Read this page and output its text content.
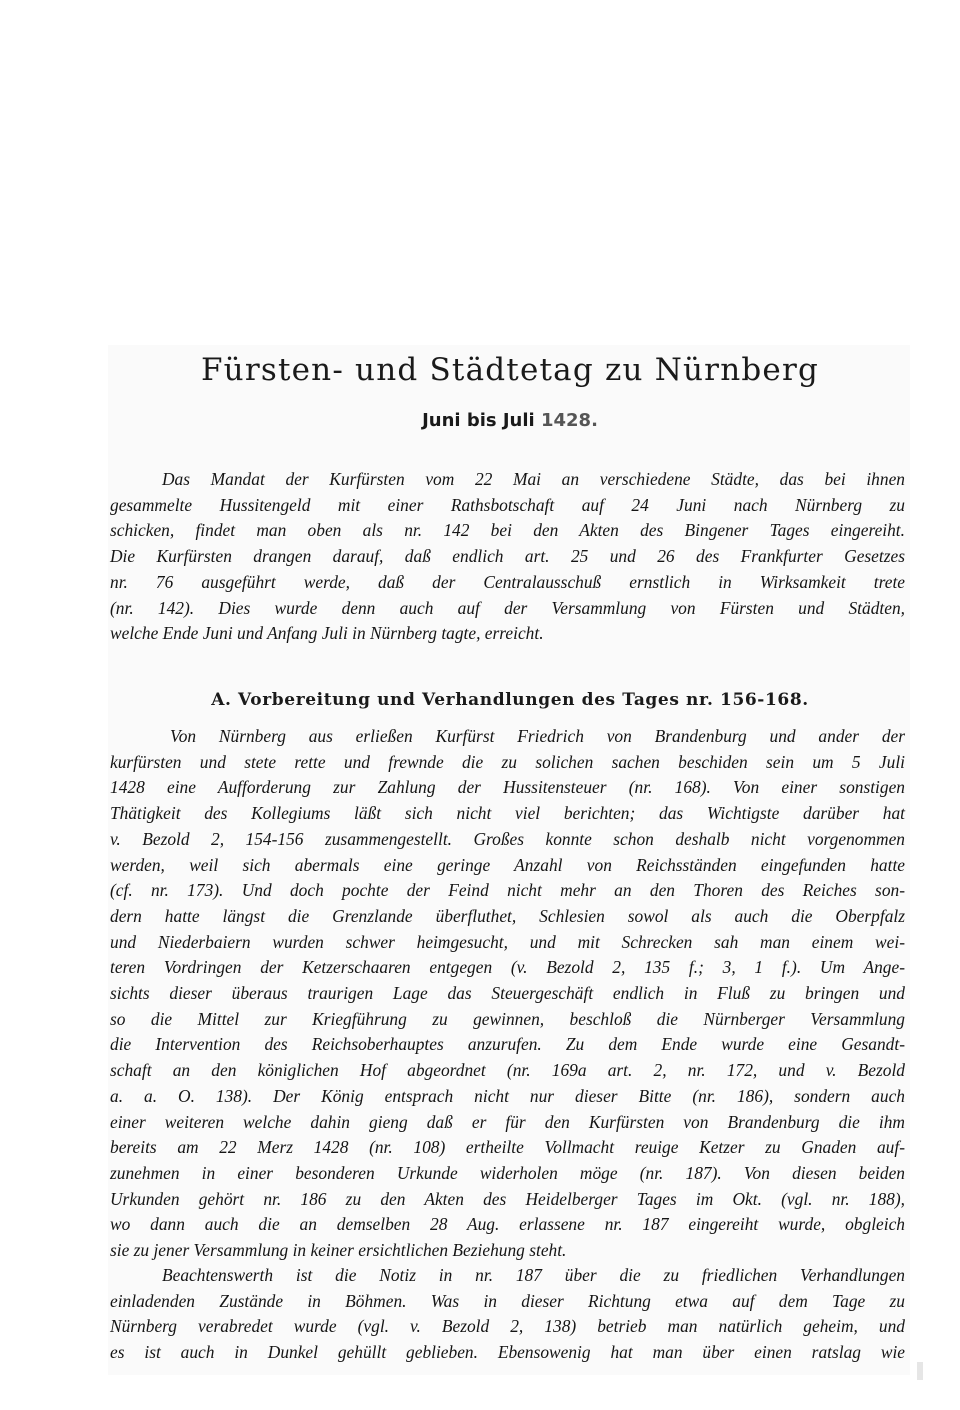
Fürsten- und Städtetag zu Nürnberg
Juni bis Juli 1428.
Das Mandat der Kurfürsten vom 22 Mai an verschiedene Städte, das bei ihnen
gesammelte Hussitengeld mit einer Rathsbotschaft auf 24 Juni nach Nürnberg zu
schicken, findet man oben als nr. 142 bei den Akten des Bingener Tages eingereiht.
Die Kurfürsten drangen darauf, daß endlich art. 25 und 26 des Frankfurter Gesetzes
nr. 76 ausgeführt werde, daß der Centralausschuß ernstlich in Wirksamkeit trete
(nr. 142). Dies wurde denn auch auf der Versammlung von Fürsten und Städten,
welche Ende Juni und Anfang Juli in Nürnberg tagte, erreicht.
A. Vorbereitung und Verhandlungen des Tages nr. 156-168.
Von Nürnberg aus erließen Kurfürst Friedrich von Brandenburg und ander der
kurfürsten und stete rette und frewnde die zu solichen sachen beschiden sein um 5 Juli
1428 eine Aufforderung zur Zahlung der Hussitensteuer (nr. 168). Von einer sonstigen
Thätigkeit des Kollegiums läßt sich nicht viel berichten; das Wichtigste darüber hat
v. Bezold 2, 154-156 zusammengestellt. Großes konnte schon deshalb nicht vorgenommen
werden, weil sich abermals eine geringe Anzahl von Reichsständen eingefunden hatte
(cf. nr. 173). Und doch pochte der Feind nicht mehr an den Thoren des Reiches son-
dern hatte längst die Grenzlande überfluthet, Schlesien sowol als auch die Oberpfalz
und Niederbaiern wurden schwer heimgesucht, und mit Schrecken sah man einem wei-
teren Vordringen der Ketzerschaaren entgegen (v. Bezold 2, 135 f.; 3, 1 f.). Um Ange-
sichts dieser überaus traurigen Lage das Steuergeschäft endlich in Fluß zu bringen und
so die Mittel zur Kriegführung zu gewinnen, beschloß die Nürnberger Versammlung
die Intervention des Reichsoberhauptes anzurufen. Zu dem Ende wurde eine Gesandt-
schaft an den königlichen Hof abgeordnet (nr. 169a art. 2, nr. 172, und v. Bezold
a. a. O. 138). Der König entsprach nicht nur dieser Bitte (nr. 186), sondern auch
einer weiteren welche dahin gieng daß er für den Kurfürsten von Brandenburg die ihm
bereits am 22 Merz 1428 (nr. 108) ertheilte Vollmacht reuige Ketzer zu Gnaden auf-
zunehmen in einer besonderen Urkunde widerholen möge (nr. 187). Von diesen beiden
Urkunden gehört nr. 186 zu den Akten des Heidelberger Tages im Okt. (vgl. nr. 188),
wo dann auch die an demselben 28 Aug. erlassene nr. 187 eingereiht wurde, obgleich
sie zu jener Versammlung in keiner ersichtlichen Beziehung steht.
Beachtenswerth ist die Notiz in nr. 187 über die zu friedlichen Verhandlungen
einladenden Zustände in Böhmen. Was in dieser Richtung etwa auf dem Tage zu
Nürnberg verabredet wurde (vgl. v. Bezold 2, 138) betrieb man natürlich geheim, und
es ist auch in Dunkel gehüllt geblieben. Ebensowenig hat man über einen ratslag wie
